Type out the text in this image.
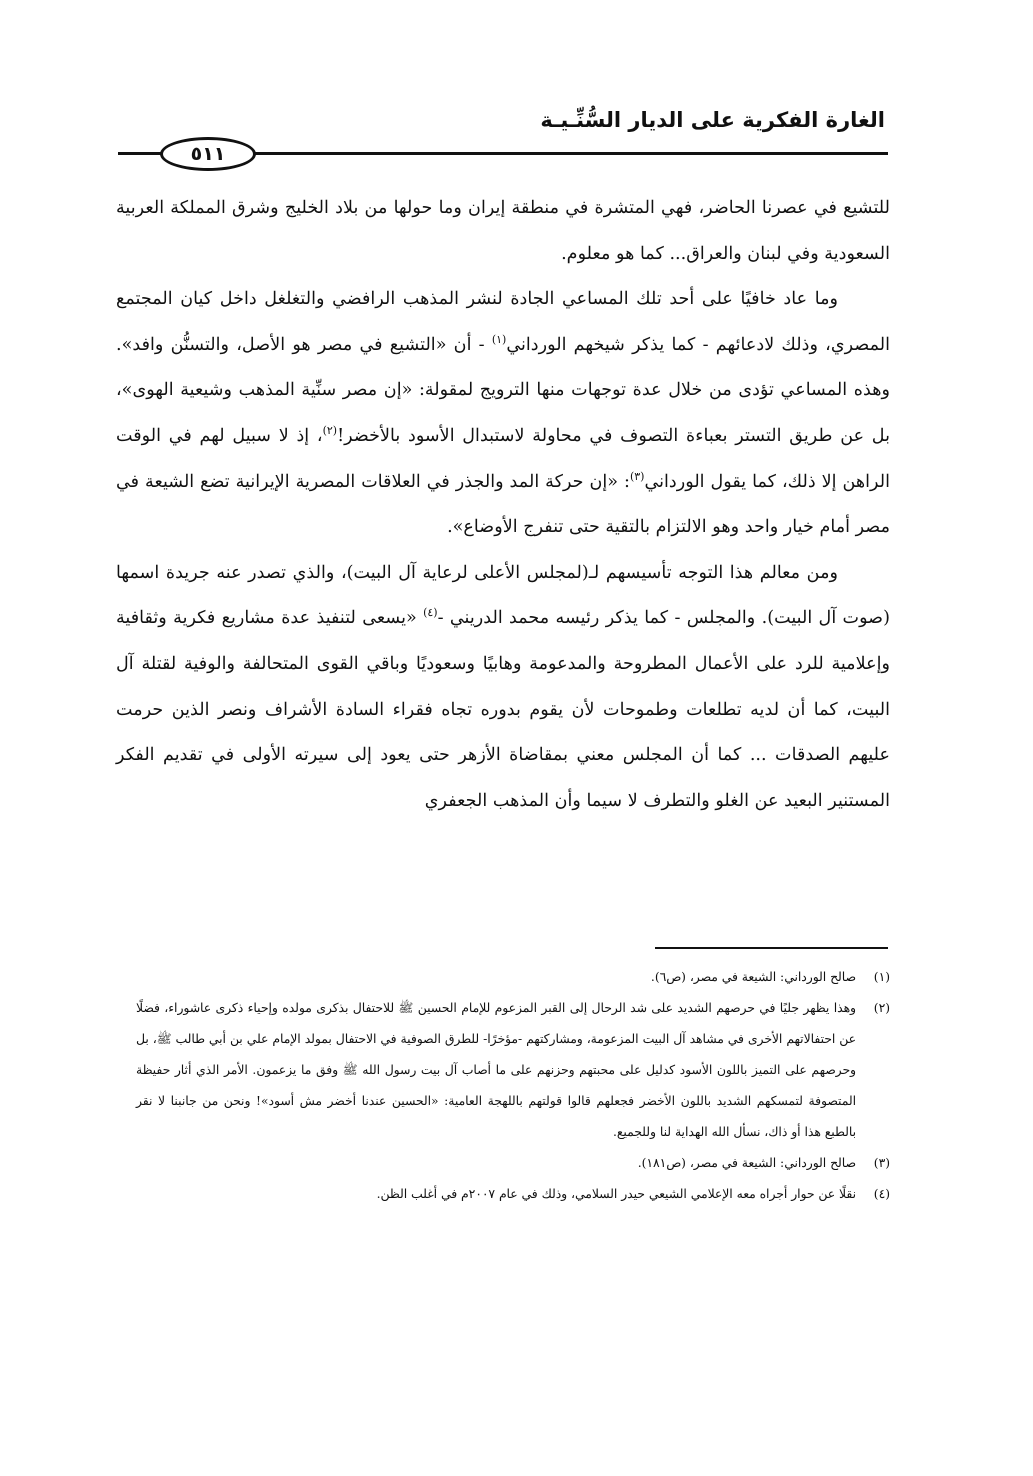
الغارة الفكرية على الديار السُّنِّـيـة
٥١١

للتشيع في عصرنا الحاضر، فهي المتشرة في منطقة إيران وما حولها من بلاد الخليج وشرق المملكة العربية السعودية وفي لبنان والعراق... كما هو معلوم.

وما عاد خافيًا على أحد تلك المساعي الجادة لنشر المذهب الرافضي والتغلغل داخل كيان المجتمع المصري، وذلك لادعائهم - كما يذكر شيخهم الورداني$^{(١)}$ - أن «التشيع في مصر هو الأصل، والتسنُّن وافد». وهذه المساعي تؤدى من خلال عدة توجهات منها الترويج لمقولة: «إن مصر سنِّية المذهب وشيعية الهوى»، بل عن طريق التستر بعباءة التصوف في محاولة لاستبدال الأسود بالأخضر!$^{(٢)}$، إذ لا سبيل لهم في الوقت الراهن إلا ذلك، كما يقول الورداني$^{(٣)}$: «إن حركة المد والجذر في العلاقات المصرية الإيرانية تضع الشيعة في مصر أمام خيار واحد وهو الالتزام بالتقية حتى تنفرج الأوضاع».

ومن معالم هذا التوجه تأسيسهم لـ(لمجلس الأعلى لرعاية آل البيت)، والذي تصدر عنه جريدة اسمها (صوت آل البيت). والمجلس - كما يذكر رئيسه محمد الدريني -$^{(٤)}$ «يسعى لتنفيذ عدة مشاريع فكرية وثقافية وإعلامية للرد على الأعمال المطروحة والمدعومة وهابيًا وسعوديًا وباقي القوى المتحالفة والوفية لقتلة آل البيت، كما أن لديه تطلعات وطموحات لأن يقوم بدوره تجاه فقراء السادة الأشراف ونصر الذين حرمت عليهم الصدقات ... كما أن المجلس معني بمقاضاة الأزهر حتى يعود إلى سيرته الأولى في تقديم الفكر المستنير البعيد عن الغلو والتطرف لا سيما وأن المذهب الجعفري

(١)
صالح الورداني: الشيعة في مصر، (ص٦).
(٢)
وهذا يظهر جليًا في حرصهم الشديد على شد الرحال إلى القبر المزعوم للإمام الحسين ﷺ للاحتفال بذكرى مولده وإحياء ذكرى عاشوراء، فضلًا عن احتفالاتهم الأخرى في مشاهد آل البيت المزعومة، ومشاركتهم -مؤخرًا- للطرق الصوفية في الاحتفال بمولد الإمام علي بن أبي طالب ﷺ، بل وحرصهم على التميز باللون الأسود كدليل على محبتهم وحزنهم على ما أصاب آل بيت رسول الله ﷺ وفق ما يزعمون. الأمر الذي أثار حفيظة المتصوفة لتمسكهم الشديد باللون الأخضر فجعلهم قالوا قولتهم باللهجة العامية: «الحسين عندنا أخضر مش أسود»! ونحن من جانبنا لا نقر بالطبع هذا أو ذاك، نسأل الله الهداية لنا وللجميع.
(٣)
صالح الورداني: الشيعة في مصر، (ص١٨١).
(٤)
نقلًا عن حوار أجراه معه الإعلامي الشيعي حيدر السلامي، وذلك في عام ٢٠٠٧م في أغلب الظن.
